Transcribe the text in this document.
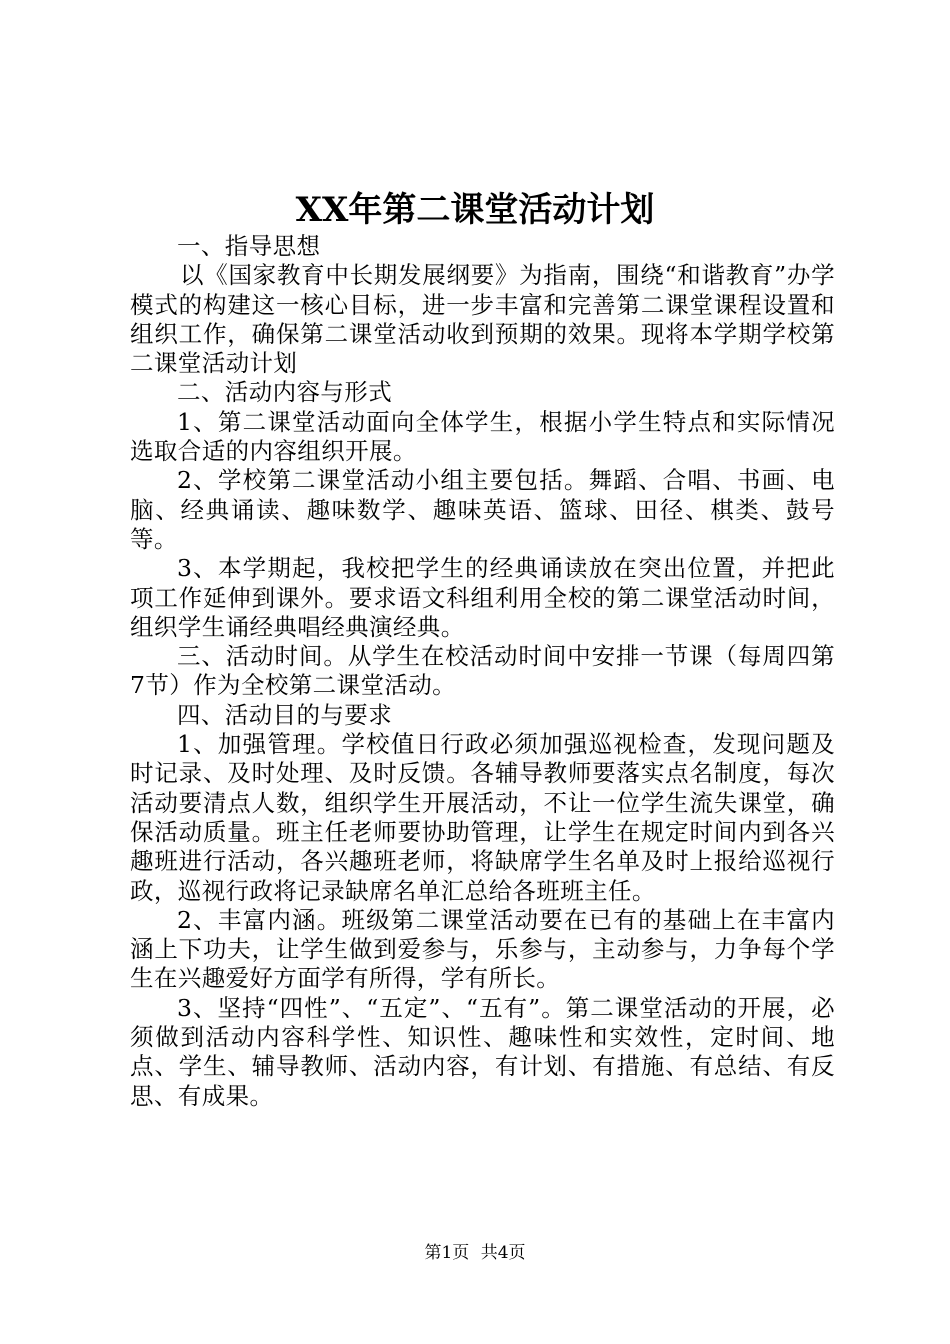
XX年第二课堂活动计划

一、指导思想

以《国家教育中长期发展纲要》为指南，围绕“和谐教育”办学模式的构建这一核心目标，进一步丰富和完善第二课堂课程设置和组织工作，确保第二课堂活动收到预期的效果。现将本学期学校第二课堂活动计划

二、活动内容与形式

1、第二课堂活动面向全体学生，根据小学生特点和实际情况选取合适的内容组织开展。

2、学校第二课堂活动小组主要包括。舞蹈、合唱、书画、电脑、经典诵读、趣味数学、趣味英语、篮球、田径、棋类、鼓号等。

3、本学期起，我校把学生的经典诵读放在突出位置，并把此项工作延伸到课外。要求语文科组利用全校的第二课堂活动时间，组织学生诵经典唱经典演经典。

三、活动时间。从学生在校活动时间中安排一节课（每周四第7节）作为全校第二课堂活动。

四、活动目的与要求

1、加强管理。学校值日行政必须加强巡视检查，发现问题及时记录、及时处理、及时反馈。各辅导教师要落实点名制度，每次活动要清点人数，组织学生开展活动，不让一位学生流失课堂，确保活动质量。班主任老师要协助管理，让学生在规定时间内到各兴趣班进行活动，各兴趣班老师，将缺席学生名单及时上报给巡视行政，巡视行政将记录缺席名单汇总给各班班主任。

2、丰富内涵。班级第二课堂活动要在已有的基础上在丰富内涵上下功夫，让学生做到爱参与，乐参与，主动参与，力争每个学生在兴趣爱好方面学有所得，学有所长。

3、坚持“四性”、“五定”、“五有”。第二课堂活动的开展，必须做到活动内容科学性、知识性、趣味性和实效性，定时间、地点、学生、辅导教师、活动内容，有计划、有措施、有总结、有反思、有成果。

第1页 共4页
